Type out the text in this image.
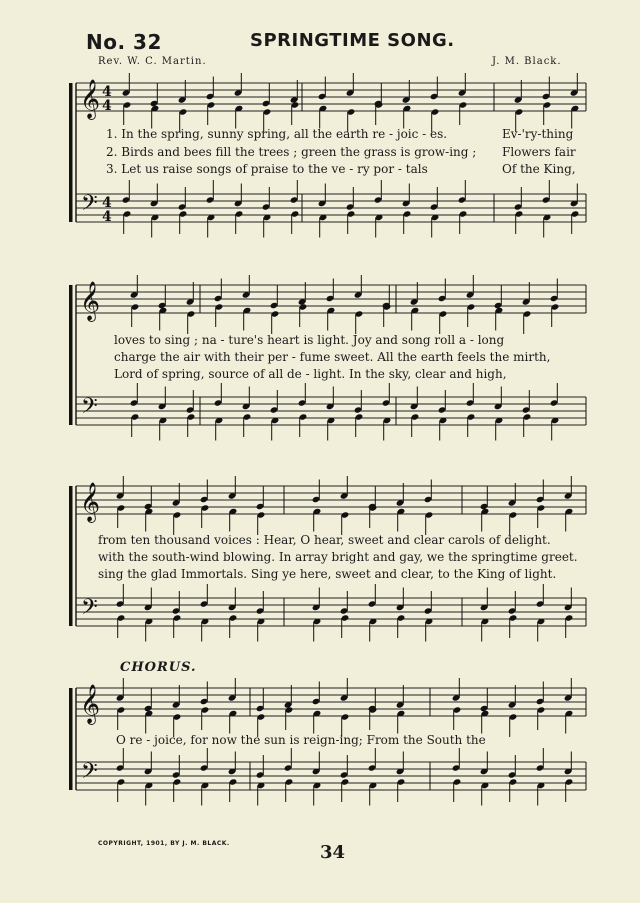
No. 32	SPRINGTIME SONG.
Rev. W. C. Martin.	J. M. Black.
𝄞
𝄢
4
4
4
4
𝄞
𝄢
𝄞
𝄢
𝄞
𝄢
1. In the spring, sunny spring, all the earth re - joic - es.
2. Birds and bees fill the trees ; green the grass is grow-ing ;
3. Let us raise songs of praise to the ve - ry por - tals
Ev-'ry-thing
Flowers fair
Of the King,
loves to sing ; na - ture's heart is light. Joy and song roll a - long
charge the air with their per - fume sweet. All the earth feels the mirth,
Lord of spring, source of all de - light. In the sky, clear and high,
from ten thousand voices : Hear, O hear, sweet and clear carols of delight.
with the south-wind blowing. In array bright and gay, we the springtime greet.
sing the glad Immortals. Sing ye here, sweet and clear, to the King of light.
CHORUS.
O re - joice, for now the sun is reign-ing; From the South the
COPYRIGHT, 1901, BY J. M. BLACK.	34
